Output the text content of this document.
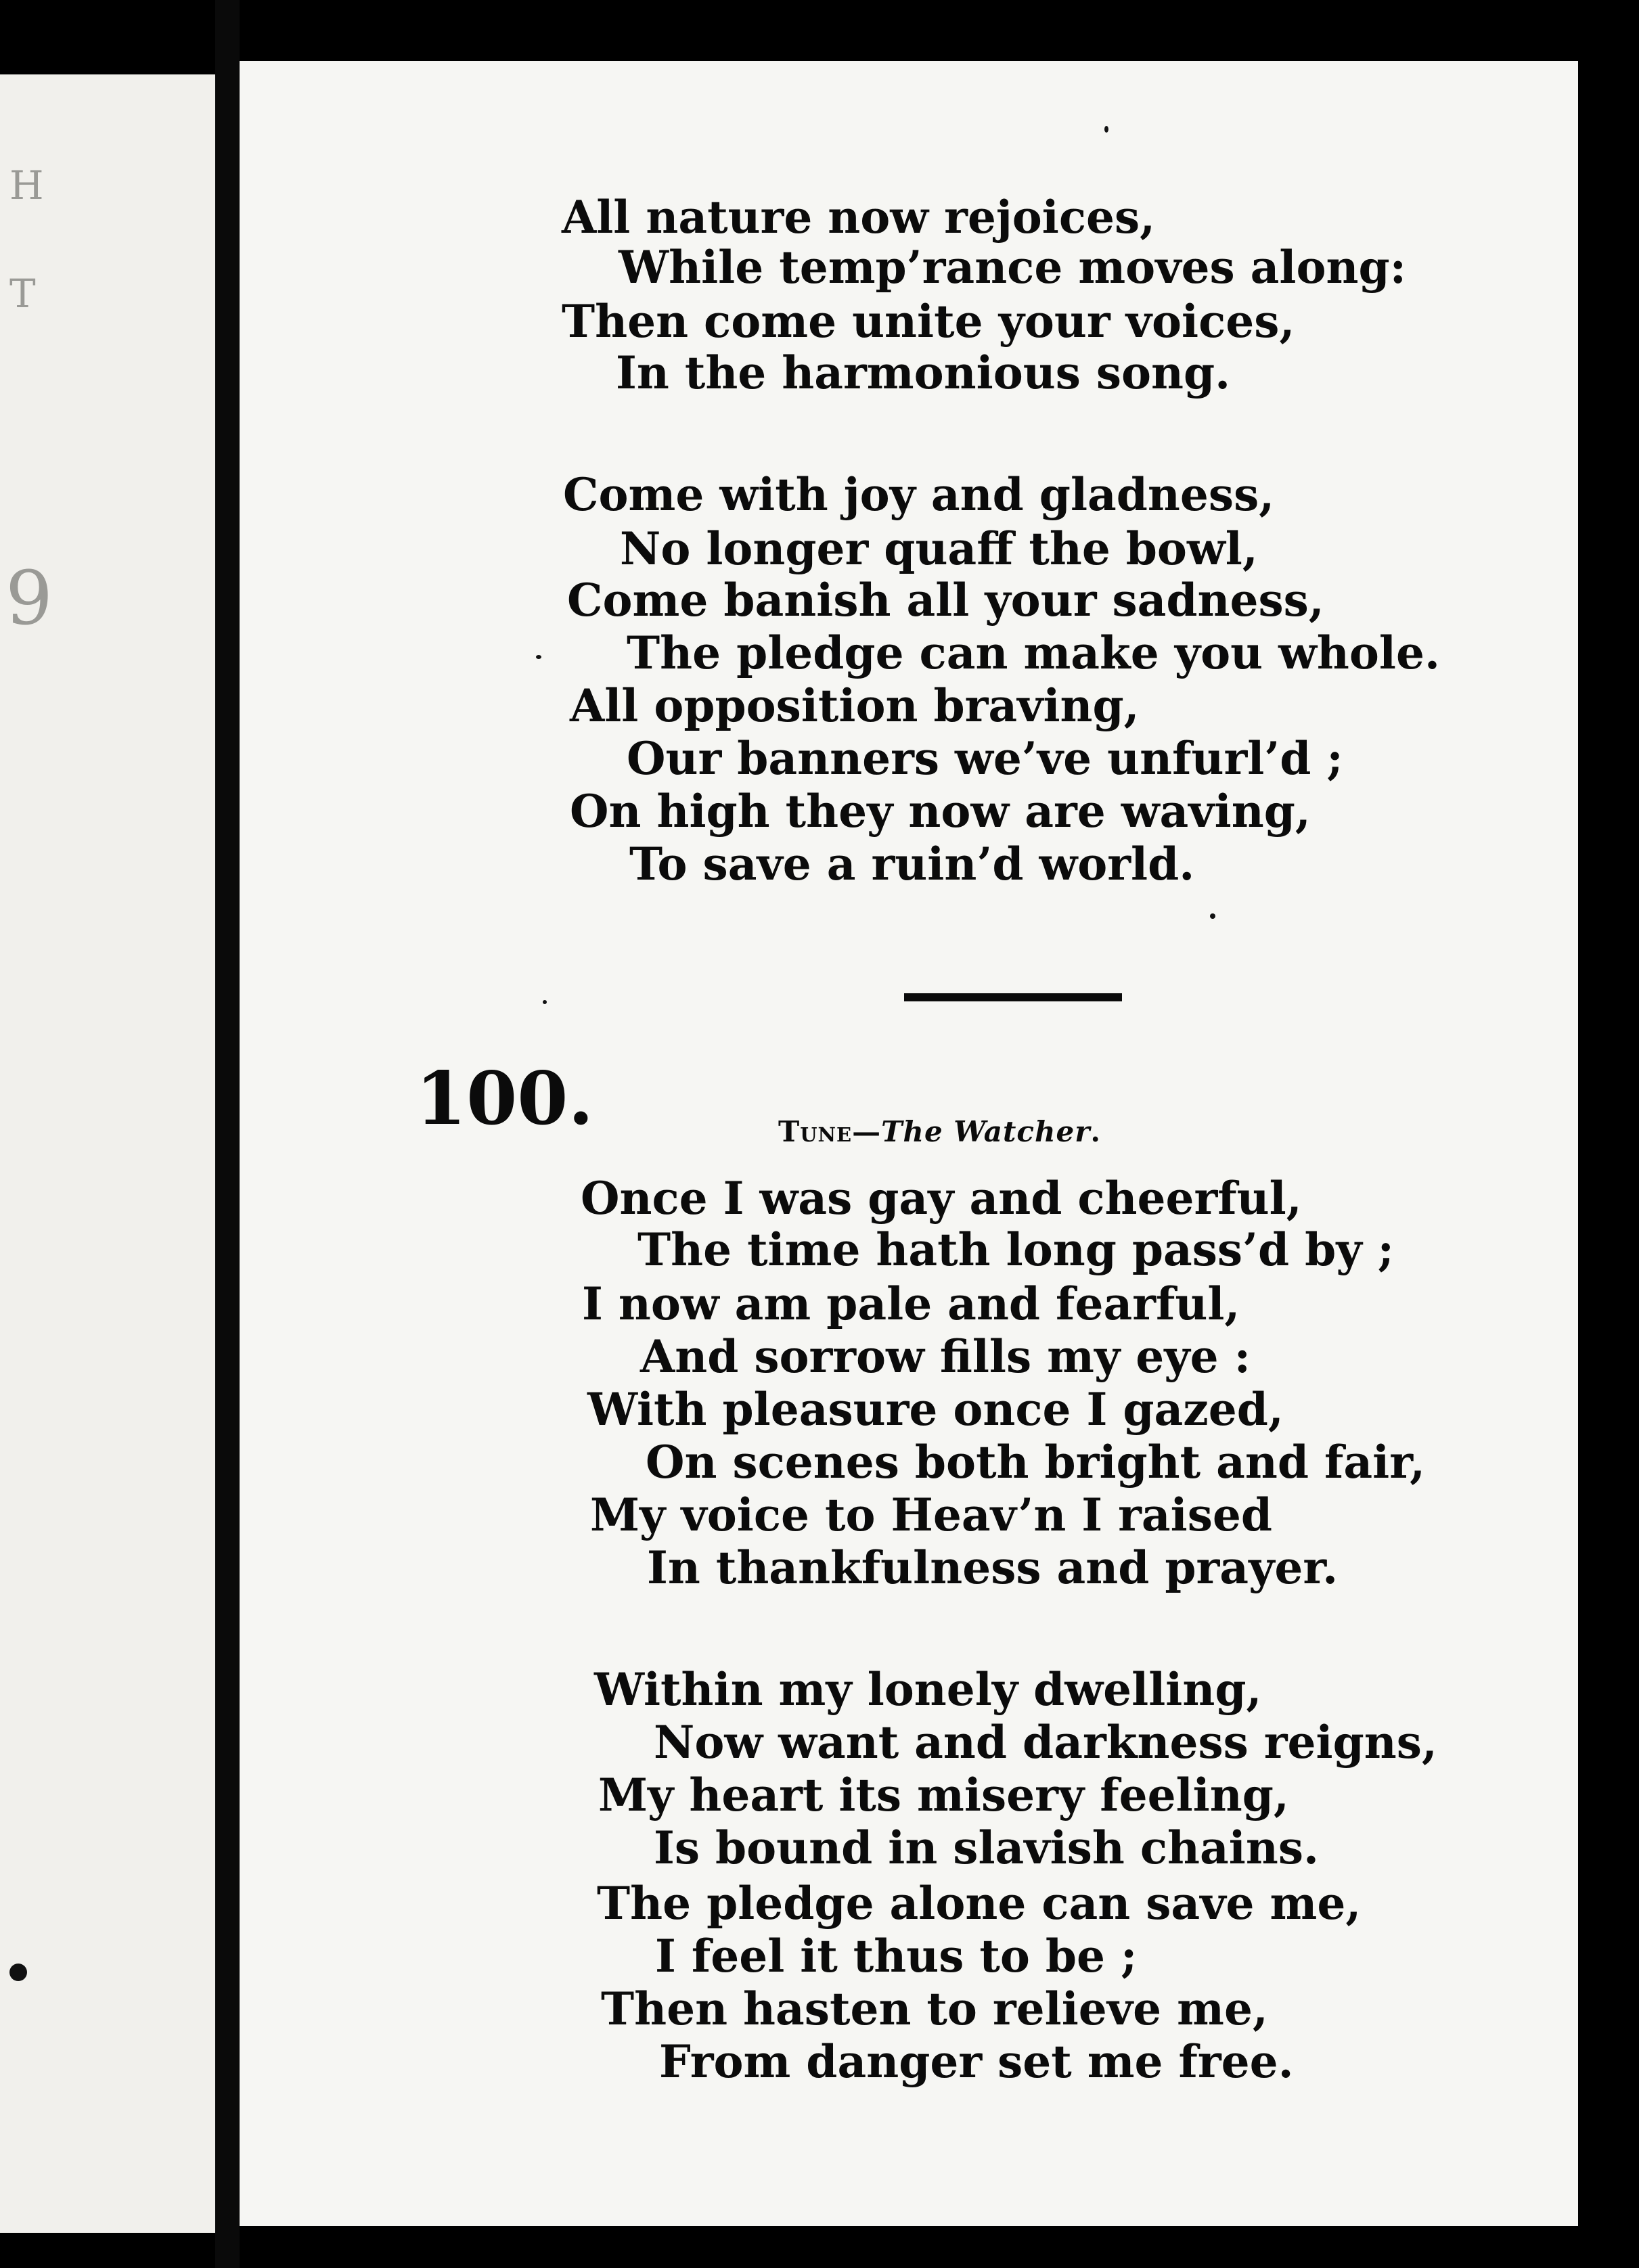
H
T
9
All nature now rejoices,
While temp’rance moves along:
Then come unite your voices,
In the harmonious song.
Come with joy and gladness,
No longer quaff the bowl,
Come banish all your sadness,
The pledge can make you whole.
All opposition braving,
Our banners we’ve unfurl’d ;
On high they now are waving,
To save a ruin’d world.
100.	Tune—The Watcher.
Once I was gay and cheerful,
The time hath long pass’d by ;
I now am pale and fearful,
And sorrow fills my eye :
With pleasure once I gazed,
On scenes both bright and fair,
My voice to Heav’n I raised
In thankfulness and prayer.
Within my lonely dwelling,
Now want and darkness reigns,
My heart its misery feeling,
Is bound in slavish chains.
The pledge alone can save me,
I feel it thus to be ;
Then hasten to relieve me,
From danger set me free.
